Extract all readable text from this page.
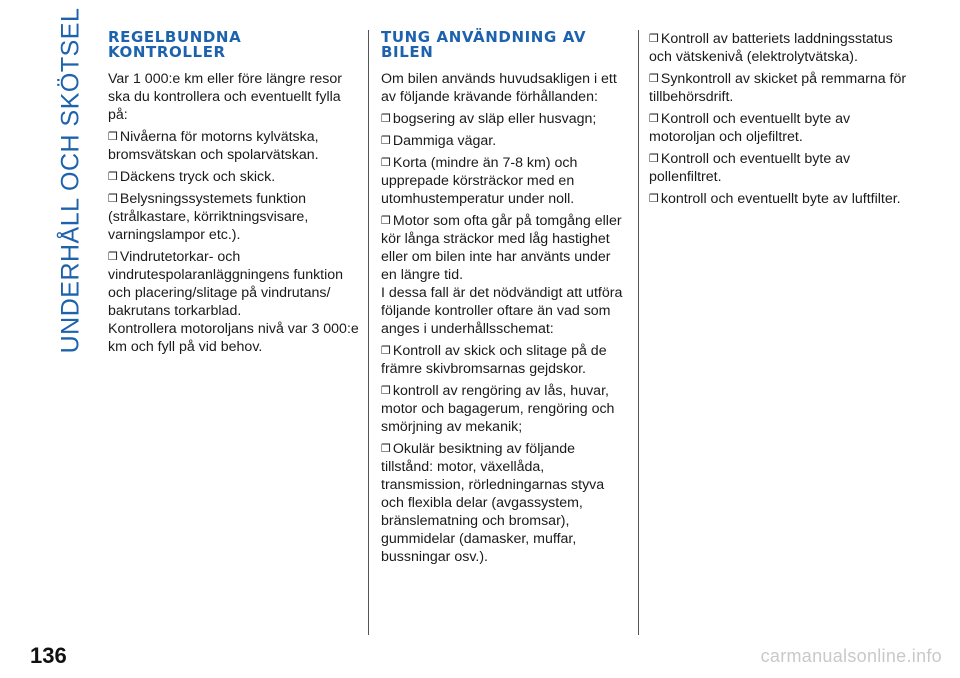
UNDERHÅLL OCH SKÖTSEL REGELBUNDNA
KONTROLLER

Var 1 000:e km eller före längre resor ska du kontrollera och eventuellt fylla på:

❒ Nivåerna för motorns kylvätska, bromsvätskan och spolarvätskan.
❒ Däckens tryck och skick.
❒ Belysningssystemets funktion (strålkastare, körriktningsvisare, varningslampor etc.).
❒ Vindrutetorkar- och vindrutespolaranläggningens funktion och placering/slitage på vindrutans/ bakrutans torkarblad.

Kontrollera motoroljans nivå var 3 000:e km och fyll på vid behov.

TUNG ANVÄNDNING AV
BILEN

Om bilen används huvudsakligen i ett av följande krävande förhållanden:

❒ bogsering av släp eller husvagn;
❒ Dammiga vägar.
❒ Korta (mindre än 7-8 km) och upprepade körsträckor med en utomhustemperatur under noll.
❒ Motor som ofta går på tomgång eller kör långa sträckor med låg hastighet eller om bilen inte har använts under en längre tid.

I dessa fall är det nödvändigt att utföra följande kontroller oftare än vad som anges i underhållsschemat:

❒ Kontroll av skick och slitage på de främre skivbromsarnas gejdskor.
❒ kontroll av rengöring av lås, huvar, motor och bagagerum, rengöring och smörjning av mekanik;
❒ Okulär besiktning av följande tillstånd: motor, växellåda, transmission, rörledningarnas styva och flexibla delar (avgassystem, bränslematning och bromsar), gummidelar (damasker, muffar, bussningar osv.).
❒ Kontroll av batteriets laddningsstatus och vätskenivå (elektrolytvätska).
❒ Synkontroll av skicket på remmarna för tillbehörsdrift.
❒ Kontroll och eventuellt byte av motoroljan och oljefiltret.
❒ Kontroll och eventuellt byte av pollenfiltret.
❒ kontroll och eventuellt byte av luftfilter.
136	carmanualsonline.info
